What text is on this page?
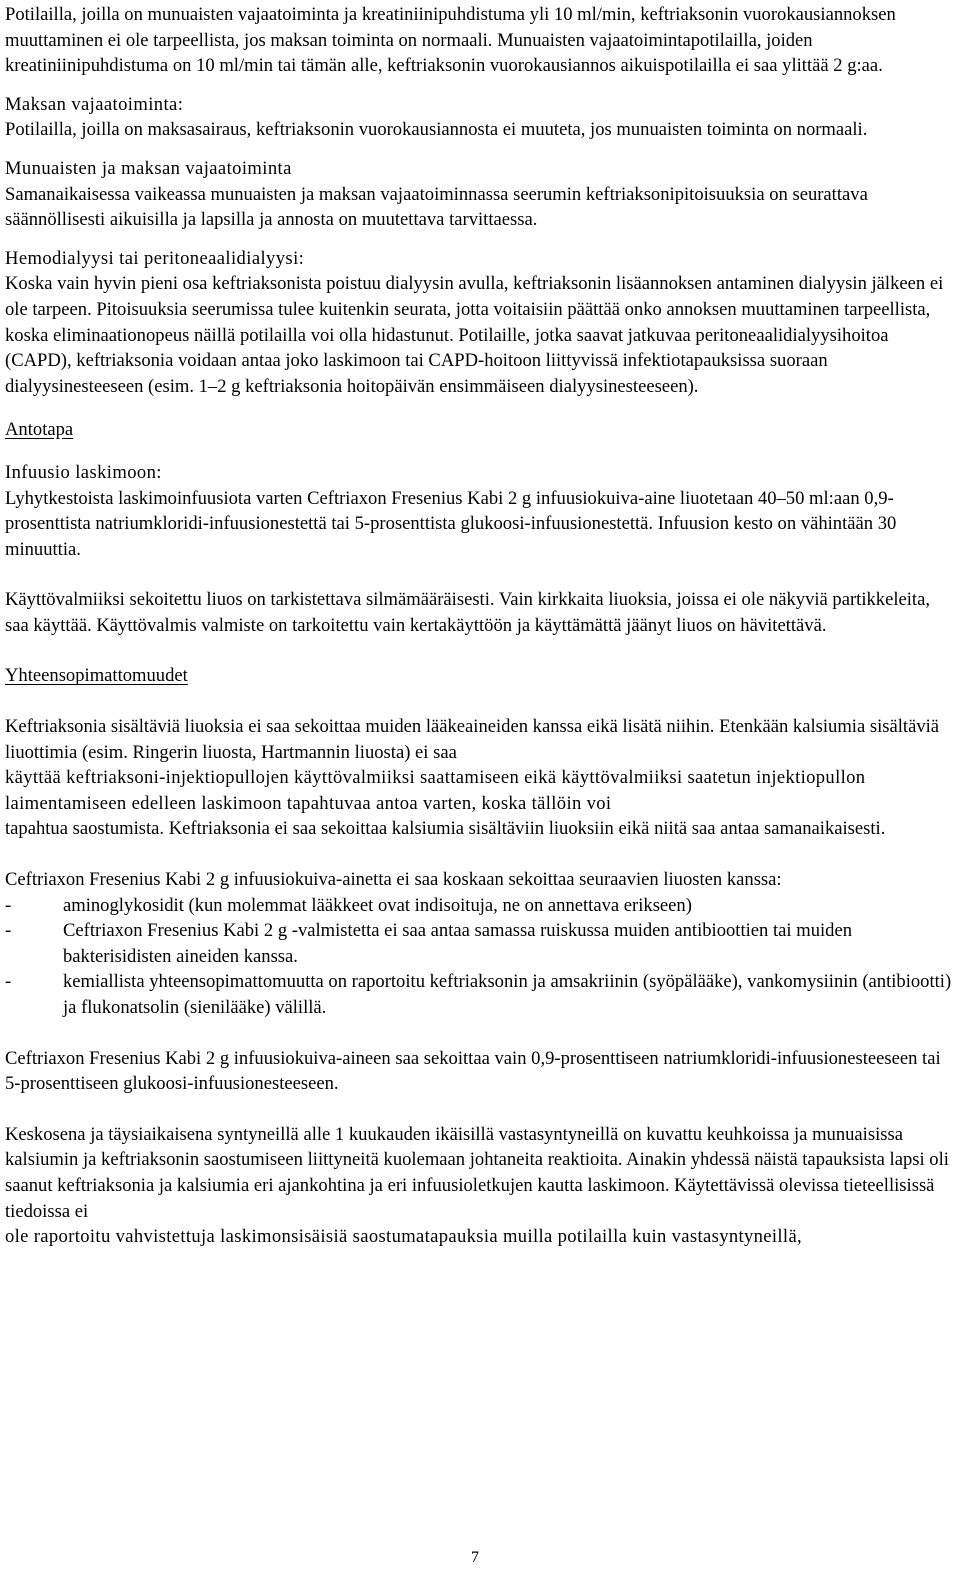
Potilailla, joilla on munuaisten vajaatoiminta ja kreatiniinipuhdistuma yli 10 ml/min, keftriaksonin vuorokausiannoksen muuttaminen ei ole tarpeellista, jos maksan toiminta on normaali. Munuaisten vajaatoimintapotilailla, joiden kreatiniinipuhdistuma on 10 ml/min tai tämän alle, keftriaksonin vuorokausiannos aikuispotilailla ei saa ylittää 2 g:aa.

Maksan vajaatoiminta:

Potilailla, joilla on maksasairaus, keftriaksonin vuorokausiannosta ei muuteta, jos munuaisten toiminta on normaali.

Munuaisten ja maksan vajaatoiminta

Samanaikaisessa vaikeassa munuaisten ja maksan vajaatoiminnassa seerumin keftriaksonipitoisuuksia on seurattava säännöllisesti aikuisilla ja lapsilla ja annosta on muutettava tarvittaessa.

Hemodialyysi tai peritoneaalidialyysi:

Koska vain hyvin pieni osa keftriaksonista poistuu dialyysin avulla, keftriaksonin lisäannoksen antaminen dialyysin jälkeen ei ole tarpeen. Pitoisuuksia seerumissa tulee kuitenkin seurata, jotta voitaisiin päättää onko annoksen muuttaminen tarpeellista, koska eliminaationopeus näillä potilailla voi olla hidastunut. Potilaille, jotka saavat jatkuvaa peritoneaalidialyysihoitoa (CAPD), keftriaksonia voidaan antaa joko laskimoon tai CAPD-hoitoon liittyvissä infektiotapauksissa suoraan dialyysinesteeseen (esim. 1–2 g keftriaksonia hoitopäivän ensimmäiseen dialyysinesteeseen).

Antotapa

Infuusio laskimoon:

Lyhytkestoista laskimoinfuusiota varten Ceftriaxon Fresenius Kabi 2 g infuusiokuiva-aine liuotetaan 40–50 ml:aan 0,9-prosenttista natriumkloridi-infuusionestettä tai 5-prosenttista glukoosi-infuusionestettä. Infuusion kesto on vähintään 30 minuuttia.

Käyttövalmiiksi sekoitettu liuos on tarkistettava silmämääräisesti. Vain kirkkaita liuoksia, joissa ei ole näkyviä partikkeleita, saa käyttää. Käyttövalmis valmiste on tarkoitettu vain kertakäyttöön ja käyttämättä jäänyt liuos on hävitettävä.

Yhteensopimattomuudet

Keftriaksonia sisältäviä liuoksia ei saa sekoittaa muiden lääkeaineiden kanssa eikä lisätä niihin. Etenkään kalsiumia sisältäviä liuottimia (esim. Ringerin liuosta, Hartmannin liuosta) ei saa

käyttää keftriaksoni-injektiopullojen käyttövalmiiksi saattamiseen eikä käyttövalmiiksi saatetun injektiopullon laimentamiseen edelleen laskimoon tapahtuvaa antoa varten, koska tällöin voi

tapahtua saostumista. Keftriaksonia ei saa sekoittaa kalsiumia sisältäviin liuoksiin eikä niitä saa antaa samanaikaisesti.

Ceftriaxon Fresenius Kabi 2 g infuusiokuiva-ainetta ei saa koskaan sekoittaa seuraavien liuosten kanssa:

-	aminoglykosidit (kun molemmat lääkkeet ovat indisoituja, ne on annettava erikseen)
-	Ceftriaxon Fresenius Kabi 2 g -valmistetta ei saa antaa samassa ruiskussa muiden antibioottien tai muiden bakterisidisten aineiden kanssa.
-	kemiallista yhteensopimattomuutta on raportoitu keftriaksonin ja amsakriinin (syöpälääke), vankomysiinin (antibiootti) ja flukonatsolin (sienilääke) välillä.

Ceftriaxon Fresenius Kabi 2 g infuusiokuiva-aineen saa sekoittaa vain 0,9-prosenttiseen natriumkloridi-infuusionesteeseen tai 5-prosenttiseen glukoosi-infuusionesteeseen.

Keskosena ja täysiaikaisena syntyneillä alle 1 kuukauden ikäisillä vastasyntyneillä on kuvattu keuhkoissa ja munuaisissa kalsiumin ja keftriaksonin saostumiseen liittyneitä kuolemaan johtaneita reaktioita. Ainakin yhdessä näistä tapauksista lapsi oli saanut keftriaksonia ja kalsiumia eri ajankohtina ja eri infuusioletkujen kautta laskimoon. Käytettävissä olevissa tieteellisissä tiedoissa ei

ole raportoitu vahvistettuja laskimonsisäisiä saostumatapauksia muilla potilailla kuin vastasyntyneillä,

7
